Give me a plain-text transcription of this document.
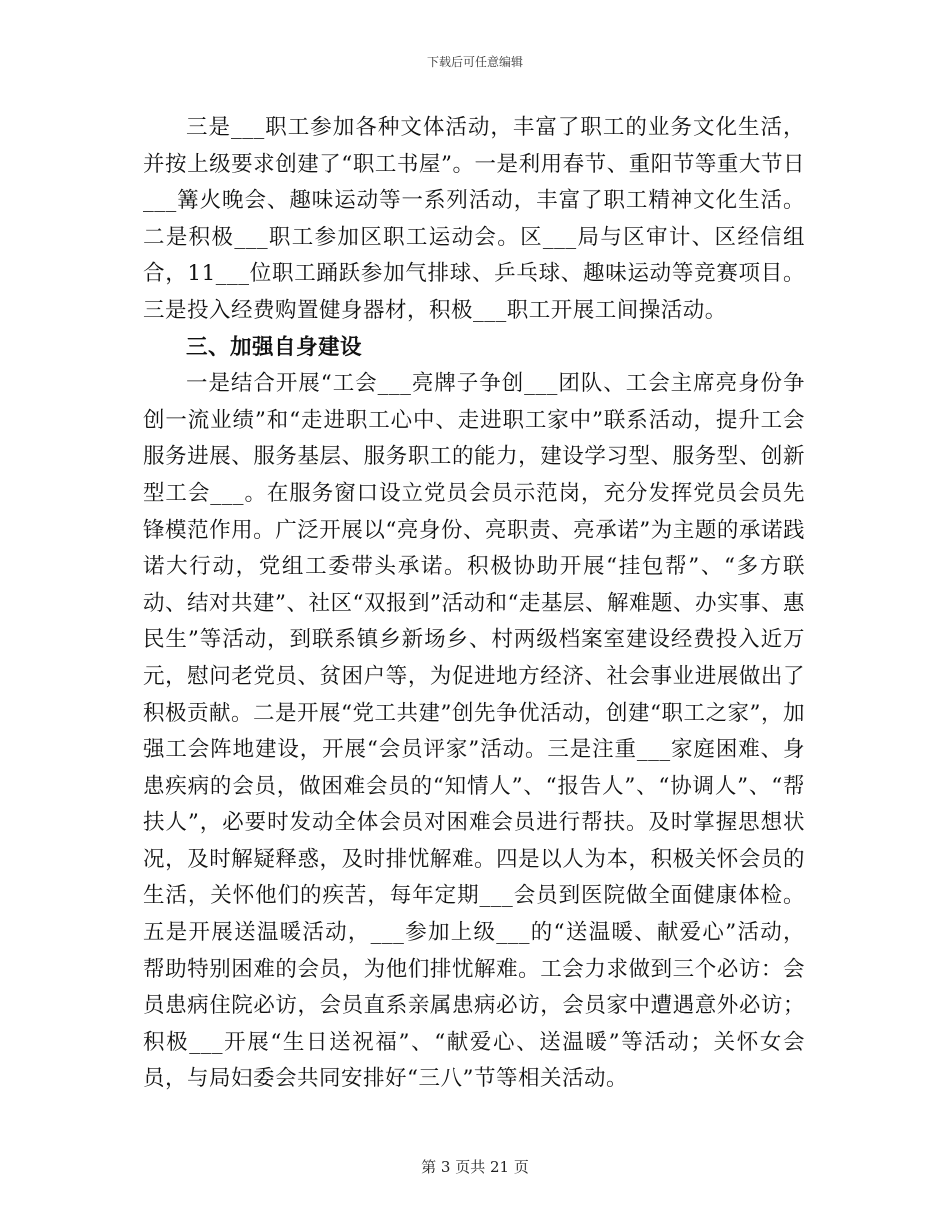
下载后可任意编辑

三是___职工参加各种文体活动，丰富了职工的业务文化生活，并按上级要求创建了“职工书屋”。一是利用春节、重阳节等重大节日___篝火晚会、趣味运动等一系列活动，丰富了职工精神文化生活。二是积极___职工参加区职工运动会。区___局与区审计、区经信组合，11___位职工踊跃参加气排球、乒乓球、趣味运动等竞赛项目。三是投入经费购置健身器材，积极___职工开展工间操活动。

三、加强自身建设

一是结合开展“工会___亮牌子争创___团队、工会主席亮身份争创一流业绩”和“走进职工心中、走进职工家中”联系活动，提升工会服务进展、服务基层、服务职工的能力，建设学习型、服务型、创新型工会___。在服务窗口设立党员会员示范岗，充分发挥党员会员先锋模范作用。广泛开展以“亮身份、亮职责、亮承诺”为主题的承诺践诺大行动，党组工委带头承诺。积极协助开展“挂包帮”、“多方联动、结对共建”、社区“双报到”活动和“走基层、解难题、办实事、惠民生”等活动，到联系镇乡新场乡、村两级档案室建设经费投入近万元，慰问老党员、贫困户等，为促进地方经济、社会事业进展做出了积极贡献。二是开展“党工共建”创先争优活动，创建“职工之家”，加强工会阵地建设，开展“会员评家”活动。三是注重___家庭困难、身患疾病的会员，做困难会员的“知情人”、“报告人”、“协调人”、“帮扶人”，必要时发动全体会员对困难会员进行帮扶。及时掌握思想状况，及时解疑释惑，及时排忧解难。四是以人为本，积极关怀会员的生活，关怀他们的疾苦，每年定期___会员到医院做全面健康体检。五是开展送温暖活动，___参加上级___的“送温暖、献爱心”活动，帮助特别困难的会员，为他们排忧解难。工会力求做到三个必访：会员患病住院必访，会员直系亲属患病必访，会员家中遭遇意外必访；积极___开展“生日送祝福”、“献爱心、送温暖”等活动；关怀女会员，与局妇委会共同安排好“三八”节等相关活动。

第 3 页共 21 页
